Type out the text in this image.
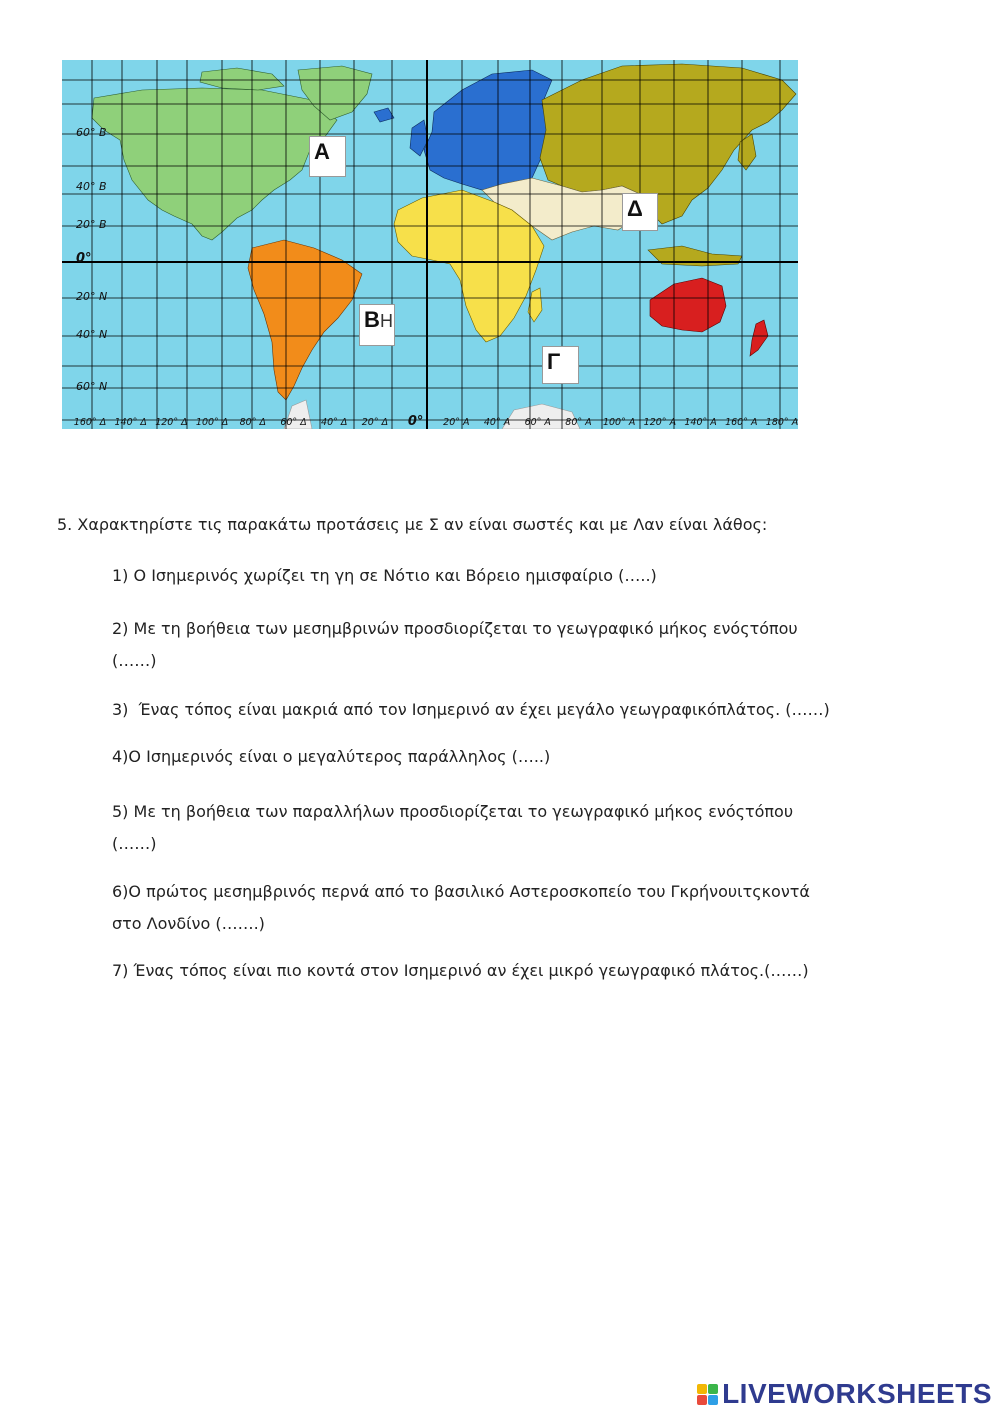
60° Β
40° Β
20° Β
0°
20° Ν
40° Ν
60° Ν
160° Δ 140° Δ 120° Δ 100° Δ 80° Δ 60° Δ 40° Δ 20° Δ 0° 20° Α 40° Α 60° Α 80° Α 100° Α 120° Α 140° Α 160° Α 180° Α
Α
Β Η
Γ
Δ
5. Χαρακτηρίστε τις παρακάτω προτάσεις με Σ αν είναι σωστές και με Λαν είναι λάθος:
1) Ο Ισημερινός χωρίζει τη γη σε Νότιο και Βόρειο ημισφαίριο (…..)
2) Με τη βοήθεια των μεσημβρινών προσδιορίζεται το γεωγραφικό μήκος ενόςτόπου
(……)
3)  Ένας τόπος είναι μακριά από τον Ισημερινό αν έχει μεγάλο γεωγραφικόπλάτος. (……)
4)Ο Ισημερινός είναι ο μεγαλύτερος παράλληλος (…..)
5) Με τη βοήθεια των παραλλήλων προσδιορίζεται το γεωγραφικό μήκος ενόςτόπου
(……)
6)Ο πρώτος μεσημβρινός περνά από το βασιλικό Αστεροσκοπείο του Γκρήνουιτςκοντά
στο Λονδίνο (…….)
7) Ένας τόπος είναι πιο κοντά στον Ισημερινό αν έχει μικρό γεωγραφικό πλάτος.(……)
LIVEWORKSHEETS
